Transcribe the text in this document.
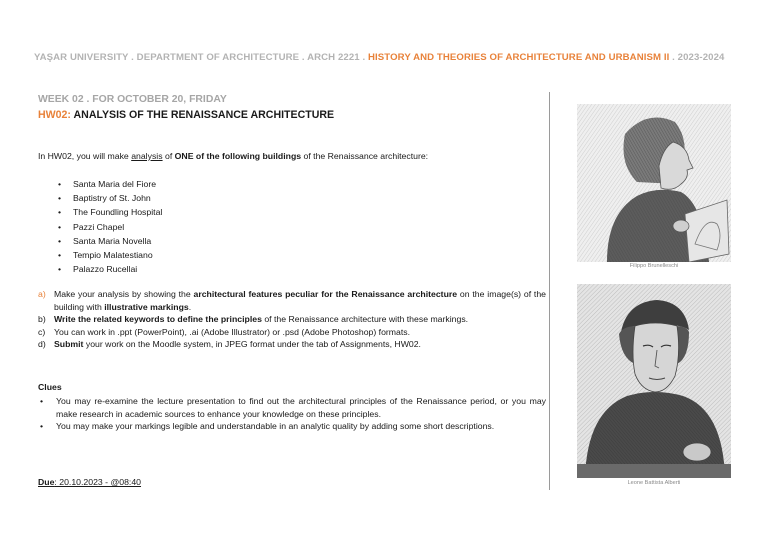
YAŞAR UNIVERSITY . DEPARTMENT OF ARCHITECTURE . ARCH 2221 . HISTORY AND THEORIES OF ARCHITECTURE AND URBANISM II . 2023-2024
WEEK 02 . FOR OCTOBER 20, FRIDAY
HW02: ANALYSIS OF THE RENAISSANCE ARCHITECTURE
In HW02, you will make analysis of ONE of the following buildings of the Renaissance architecture:
• Santa Maria del Fiore
• Baptistry of St. John
• The Foundling Hospital
• Pazzi Chapel
• Santa Maria Novella
• Tempio Malatestiano
• Palazzo Rucellai
a) Make your analysis by showing the architectural features peculiar for the Renaissance architecture on the image(s) of the building with illustrative markings.
b) Write the related keywords to define the principles of the Renaissance architecture with these markings.
c) You can work in .ppt (PowerPoint), .ai (Adobe Illustrator) or .psd (Adobe Photoshop) formats.
d) Submit your work on the Moodle system, in JPEG format under the tab of Assignments, HW02.
Clues
• You may re-examine the lecture presentation to find out the architectural principles of the Renaissance period, or you may make research in academic sources to enhance your knowledge on these principles.
• You may make your markings legible and understandable in an analytic quality by adding some short descriptions.
Due: 20.10.2023 - @08:40
Filippo Brunelleschi
Leone Battista Alberti
